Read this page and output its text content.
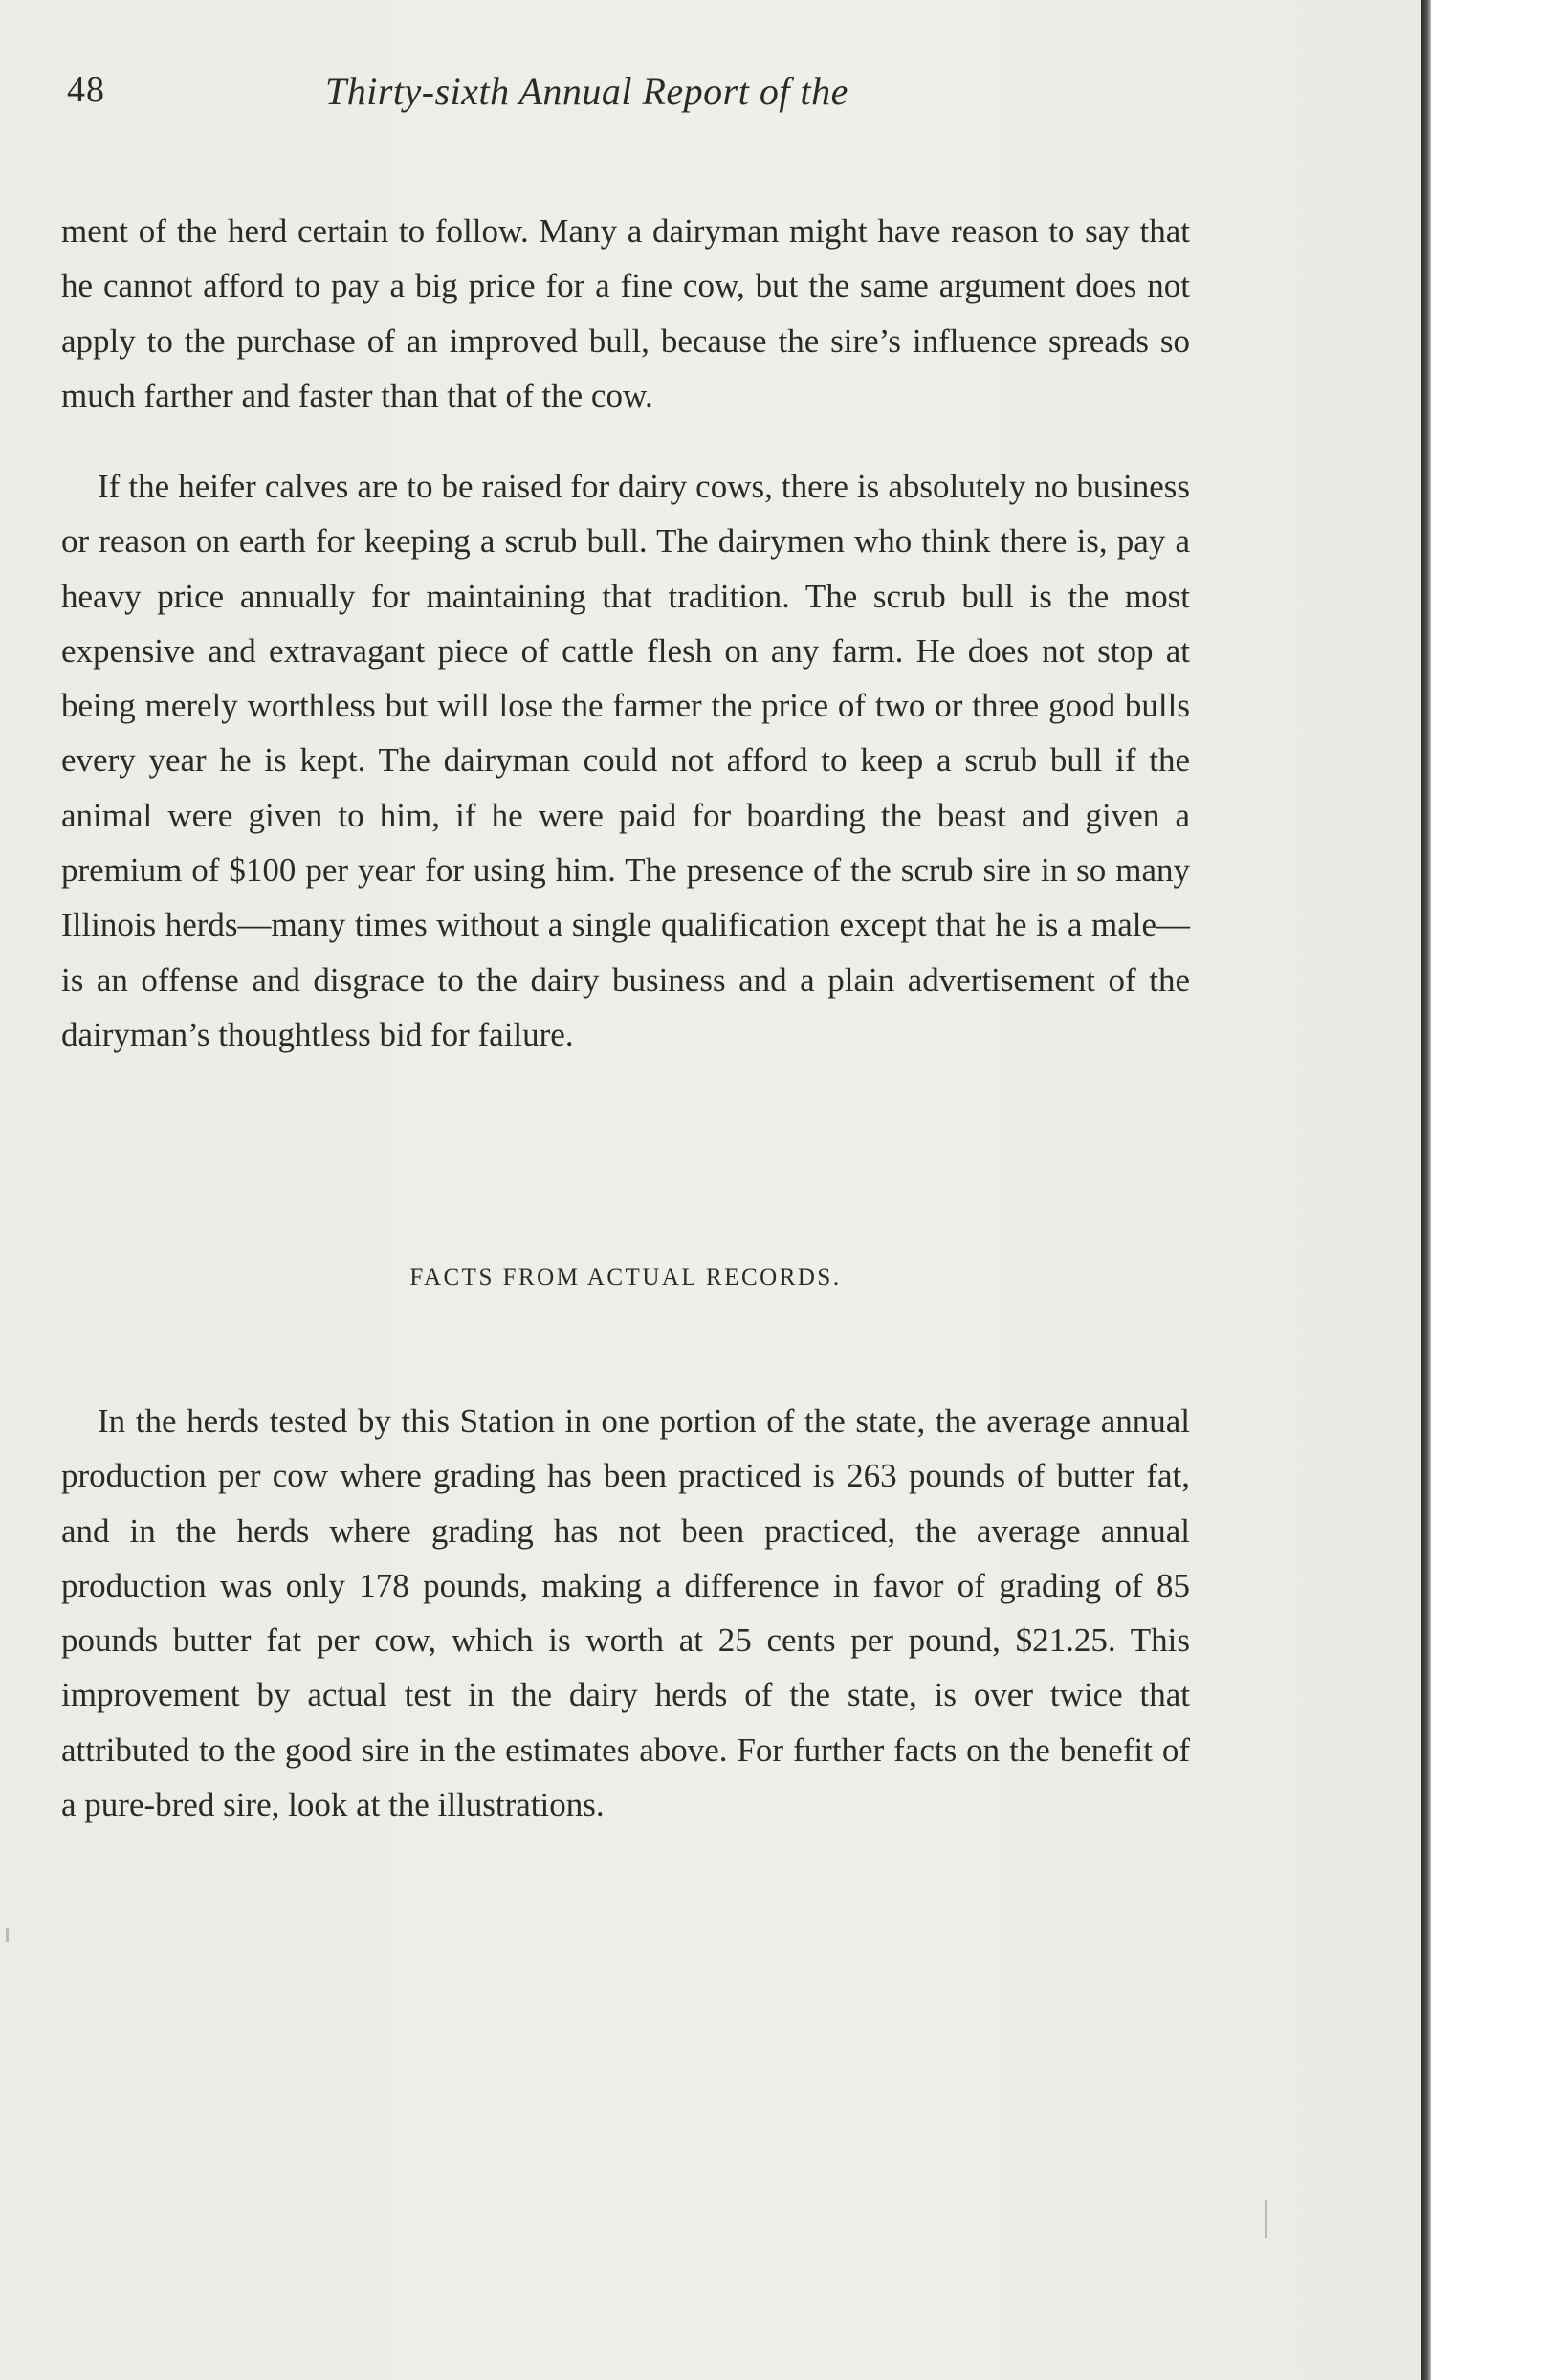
48	Thirty-sixth Annual Report of the

ment of the herd certain to follow. Many a dairyman might have reason to say that he cannot afford to pay a big price for a fine cow, but the same argument does not apply to the purchase of an improved bull, because the sire’s influence spreads so much farther and faster than that of the cow.

If the heifer calves are to be raised for dairy cows, there is absolutely no business or reason on earth for keeping a scrub bull. The dairymen who think there is, pay a heavy price annually for maintaining that tradition. The scrub bull is the most expensive and extravagant piece of cattle flesh on any farm. He does not stop at being merely worthless but will lose the farmer the price of two or three good bulls every year he is kept. The dairyman could not afford to keep a scrub bull if the animal were given to him, if he were paid for boarding the beast and given a premium of $100 per year for using him. The presence of the scrub sire in so many Illinois herds—many times without a single qualification except that he is a male—is an offense and disgrace to the dairy business and a plain advertisement of the dairyman’s thoughtless bid for failure.

FACTS FROM ACTUAL RECORDS.

In the herds tested by this Station in one portion of the state, the average annual production per cow where grading has been practiced is 263 pounds of butter fat, and in the herds where grading has not been practiced, the average annual production was only 178 pounds, making a difference in favor of grading of 85 pounds butter fat per cow, which is worth at 25 cents per pound, $21.25. This improvement by actual test in the dairy herds of the state, is over twice that attributed to the good sire in the estimates above. For further facts on the benefit of a pure-bred sire, look at the illustrations.
